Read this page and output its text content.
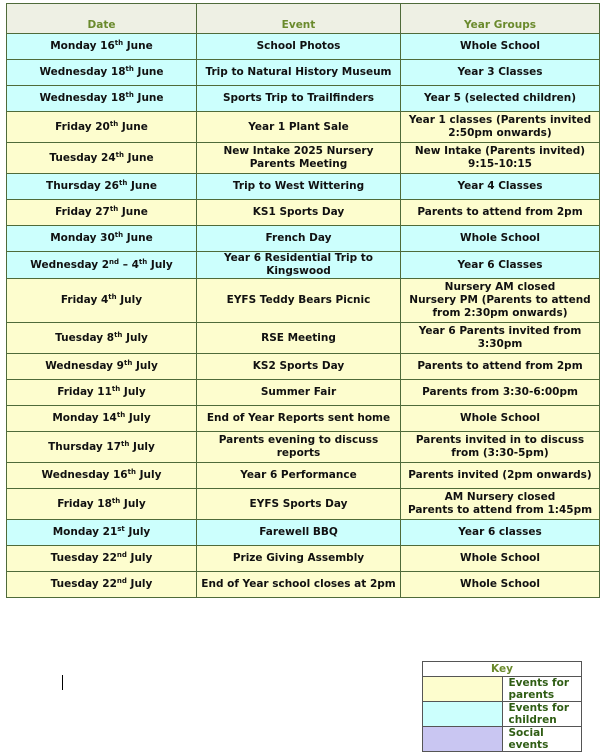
Date	Event	Year Groups
Monday 16th June	School Photos	Whole School
Wednesday 18th June	Trip to Natural History Museum	Year 3 Classes
Wednesday 18th June	Sports Trip to Trailfinders	Year 5 (selected children)
Friday 20th June	Year 1 Plant Sale	Year 1 classes (Parents invited 2:50pm onwards)
Tuesday 24th June	New Intake 2025 Nursery Parents Meeting	New Intake (Parents invited) 9:15-10:15
Thursday 26th June	Trip to West Wittering	Year 4 Classes
Friday 27th June	KS1 Sports Day	Parents to attend from 2pm
Monday 30th June	French Day	Whole School
Wednesday 2nd – 4th July	Year 6 Residential Trip to Kingswood	Year 6 Classes
Friday 4th July	EYFS Teddy Bears Picnic	Nursery AM closed
Nursery PM (Parents to attend from 2:30pm onwards)

Tuesday 8th July	RSE Meeting	Year 6 Parents invited from 3:30pm
Wednesday 9th July	KS2 Sports Day	Parents to attend from 2pm
Friday 11th July	Summer Fair	Parents from 3:30-6:00pm
Monday 14th July	End of Year Reports sent home	Whole School
Thursday 17th July	Parents evening to discuss reports	Parents invited in to discuss from (3:30-5pm)
Wednesday 16th July	Year 6 Performance	Parents invited (2pm onwards)
Friday 18th July	EYFS Sports Day	AM Nursery closed
Parents to attend from 1:45pm

Monday 21st July	Farewell BBQ	Year 6 classes
Tuesday 22nd July	Prize Giving Assembly	Whole School
Tuesday 22nd July	End of Year school closes at 2pm	Whole School
Key	
	Events for parents
	Events for children
	Social events
